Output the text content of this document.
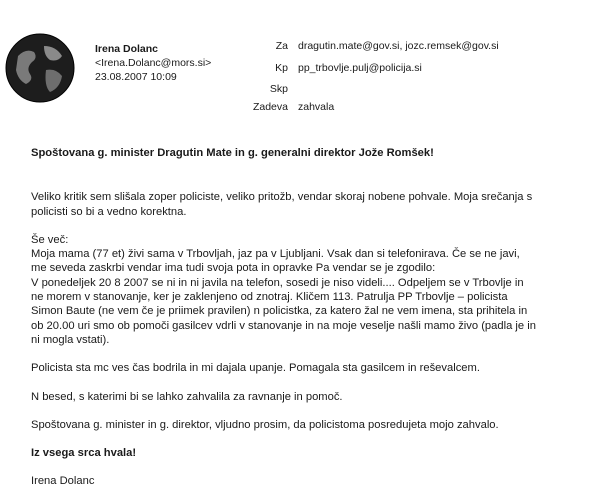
Irena Dolanc
<Irena.Dolanc@mors.si>
23.08.2007 10:09
Za dragutin.mate@gov.si, jozc.remsek@gov.si
Kp pp_trbovlje.pulj@policija.si
Skp
Zadeva zahvala

Spoštovana g. minister Dragutin Mate in g. generalni direktor Jože Romšek!

Veliko kritik sem slišala zoper policiste, veliko pritožb, vendar skoraj nobene pohvale. Moja srečanja s

policisti so bi a vedno korektna.

Še več:

Moja mama (77 et) živi sama v Trbovljah, jaz pa v Ljubljani. Vsak dan si telefonirava. Če se ne javi,

me seveda zaskrbi vendar ima tudi svoja pota in opravke Pa vendar se je zgodilo:

V ponedeljek 20 8 2007 se ni in ni javila na telefon, sosedi je niso videli.... Odpeljem se v Trbovlje in

ne morem v stanovanje, ker je zaklenjeno od znotraj. Kličem 113. Patrulja PP Trbovlje – policista

Simon Baute (ne vem če je priimek pravilen) n policistka, za katero žal ne vem imena, sta prihitela in

ob 20.00 uri smo ob pomoči gasilcev vdrli v stanovanje in na moje veselje našli mamo živo (padla je in

ni mogla vstati).

Policista sta mc ves čas bodrila in mi dajala upanje. Pomagala sta gasilcem in reševalcem.

N besed, s katerimi bi se lahko zahvalila za ravnanje in pomoč.

Spoštovana g. minister in g. direktor, vljudno prosim, da policistoma posredujeta mojo zahvalo.

Iz vsega srca hvala!

Irena Dolanc
